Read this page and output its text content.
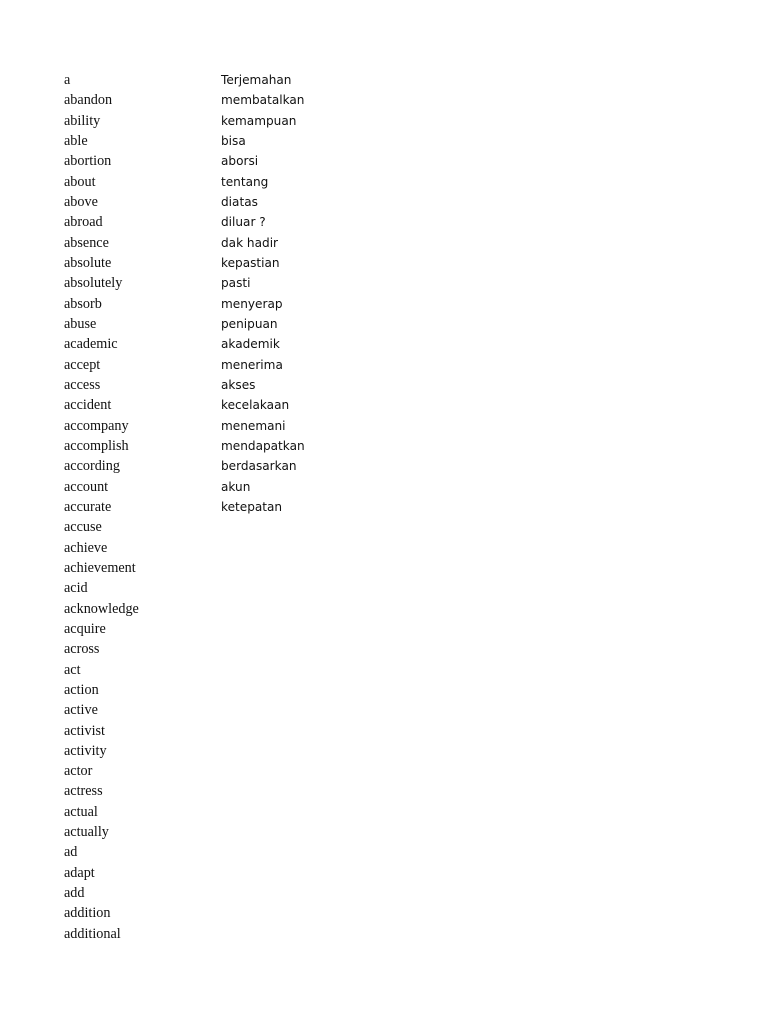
a	Terjemahan
abandon	membatalkan
ability	kemampuan
able	bisa
abortion	aborsi
about	tentang
above	diatas
abroad	diluar ?
absence	dak hadir
absolute	kepastian
absolutely	pasti
absorb	menyerap
abuse	penipuan
academic	akademik
accept	menerima
access	akses
accident	kecelakaan
accompany	menemani
accomplish	mendapatkan
according	berdasarkan
account	akun
accurate	ketepatan
accuse
achieve
achievement
acid
acknowledge
acquire
across
act
action
active
activist
activity
actor
actress
actual
actually
ad
adapt
add
addition
additional
